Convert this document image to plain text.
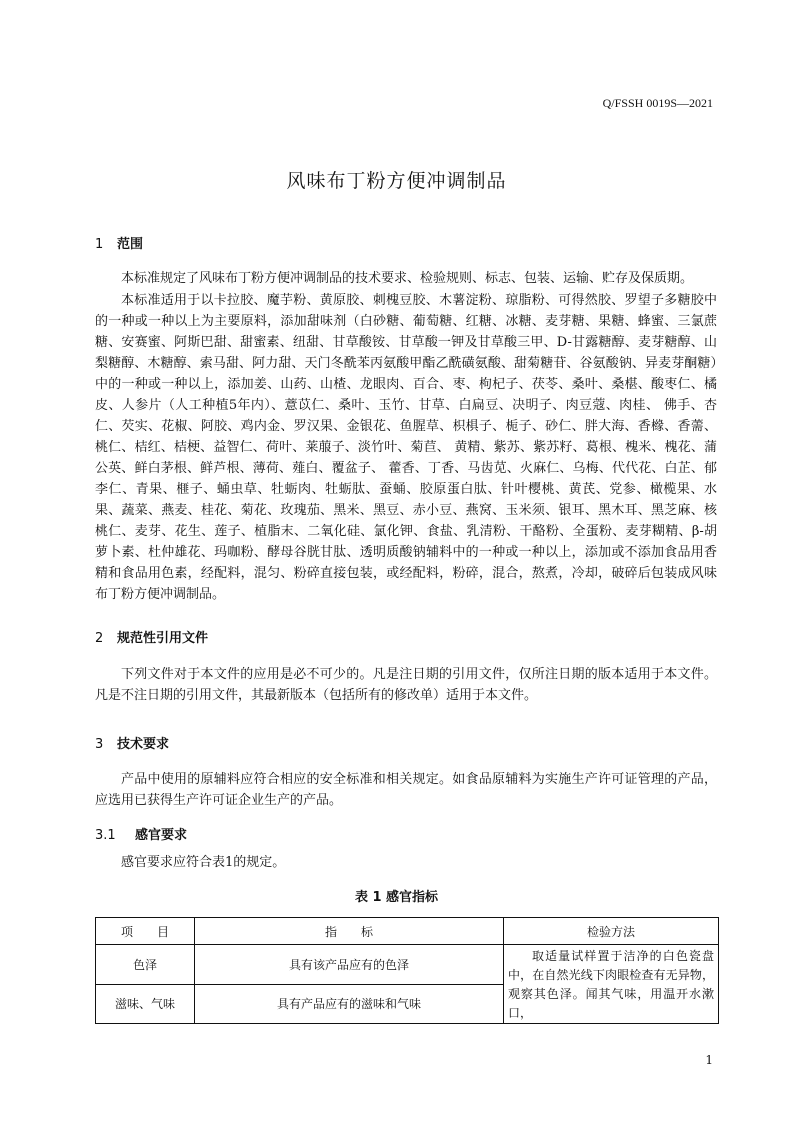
Q/FSSH 0019S—2021
风味布丁粉方便冲调制品
1 范围
本标准规定了风味布丁粉方便冲调制品的技术要求、检验规则、标志、包装、运输、贮存及保质期。
本标准适用于以卡拉胶、魔芋粉、黄原胶、刺槐豆胶、木薯淀粉、琼脂粉、可得然胶、罗望子多糖胶中的一种或一种以上为主要原料，添加甜味剂（白砂糖、葡萄糖、红糖、冰糖、麦芽糖、果糖、蜂蜜、三氯蔗糖、安赛蜜、阿斯巴甜、甜蜜素、纽甜、甘草酸铵、甘草酸一钾及甘草酸三甲、D-甘露糖醇、麦芽糖醇、山梨糖醇、木糖醇、索马甜、阿力甜、天门冬酰苯丙氨酸甲酯乙酰磺氨酸、甜菊糖苷、谷氨酸钠、异麦芽酮糖）中的一种或一种以上，添加姜、山药、山楂、龙眼肉、百合、枣、枸杞子、茯苓、桑叶、桑椹、酸枣仁、橘皮、人参片（人工种植5年内）、薏苡仁、桑叶、玉竹、甘草、白扁豆、决明子、肉豆蔻、肉桂、 佛手、杏仁、芡实、花椒、阿胶、鸡内金、罗汉果、金银花、鱼腥草、枳椇子、栀子、砂仁、胖大海、香橼、香薷、桃仁、桔红、桔梗、益智仁、荷叶、莱菔子、淡竹叶、菊苣、 黄精、紫苏、紫苏籽、葛根、槐米、槐花、蒲公英、鲜白茅根、鲜芦根、薄荷、薤白、覆盆子、 藿香、丁香、马齿苋、火麻仁、乌梅、代代花、白芷、郁李仁、青果、榧子、蛹虫草、牡蛎肉、牡蛎肽、蚕蛹、胶原蛋白肽、针叶樱桃、黄芪、党参、橄榄果、水果、蔬菜、燕麦、桂花、菊花、玫瑰茄、黑米、黑豆、赤小豆、燕窝、玉米须、银耳、黑木耳、黑芝麻、核桃仁、麦芽、花生、莲子、植脂末、二氧化硅、氯化钾、食盐、乳清粉、干酪粉、全蛋粉、麦芽糊精、β-胡萝卜素、杜仲雄花、玛咖粉、酵母谷胱甘肽、透明质酸钠辅料中的一种或一种以上，添加或不添加食品用香精和食品用色素，经配料，混匀、粉碎直接包装，或经配料，粉碎，混合，熬煮，冷却，破碎后包装成风味布丁粉方便冲调制品。
2 规范性引用文件
下列文件对于本文件的应用是必不可少的。凡是注日期的引用文件，仅所注日期的版本适用于本文件。凡是不注日期的引用文件，其最新版本（包括所有的修改单）适用于本文件。
3 技术要求
产品中使用的原辅料应符合相应的安全标准和相关规定。如食品原辅料为实施生产许可证管理的产品，应选用已获得生产许可证企业生产的产品。
3.1 感官要求
感官要求应符合表1的规定。
表 1 感官指标
项　　目	指　　标	检验方法
色泽	具有该产品应有的色泽	取适量试样置于洁净的白色瓷盘中，在自然光线下肉眼检查有无异物，观察其色泽。闻其气味，用温开水漱口，
滋味、气味	具有产品应有的滋味和气味	
1
